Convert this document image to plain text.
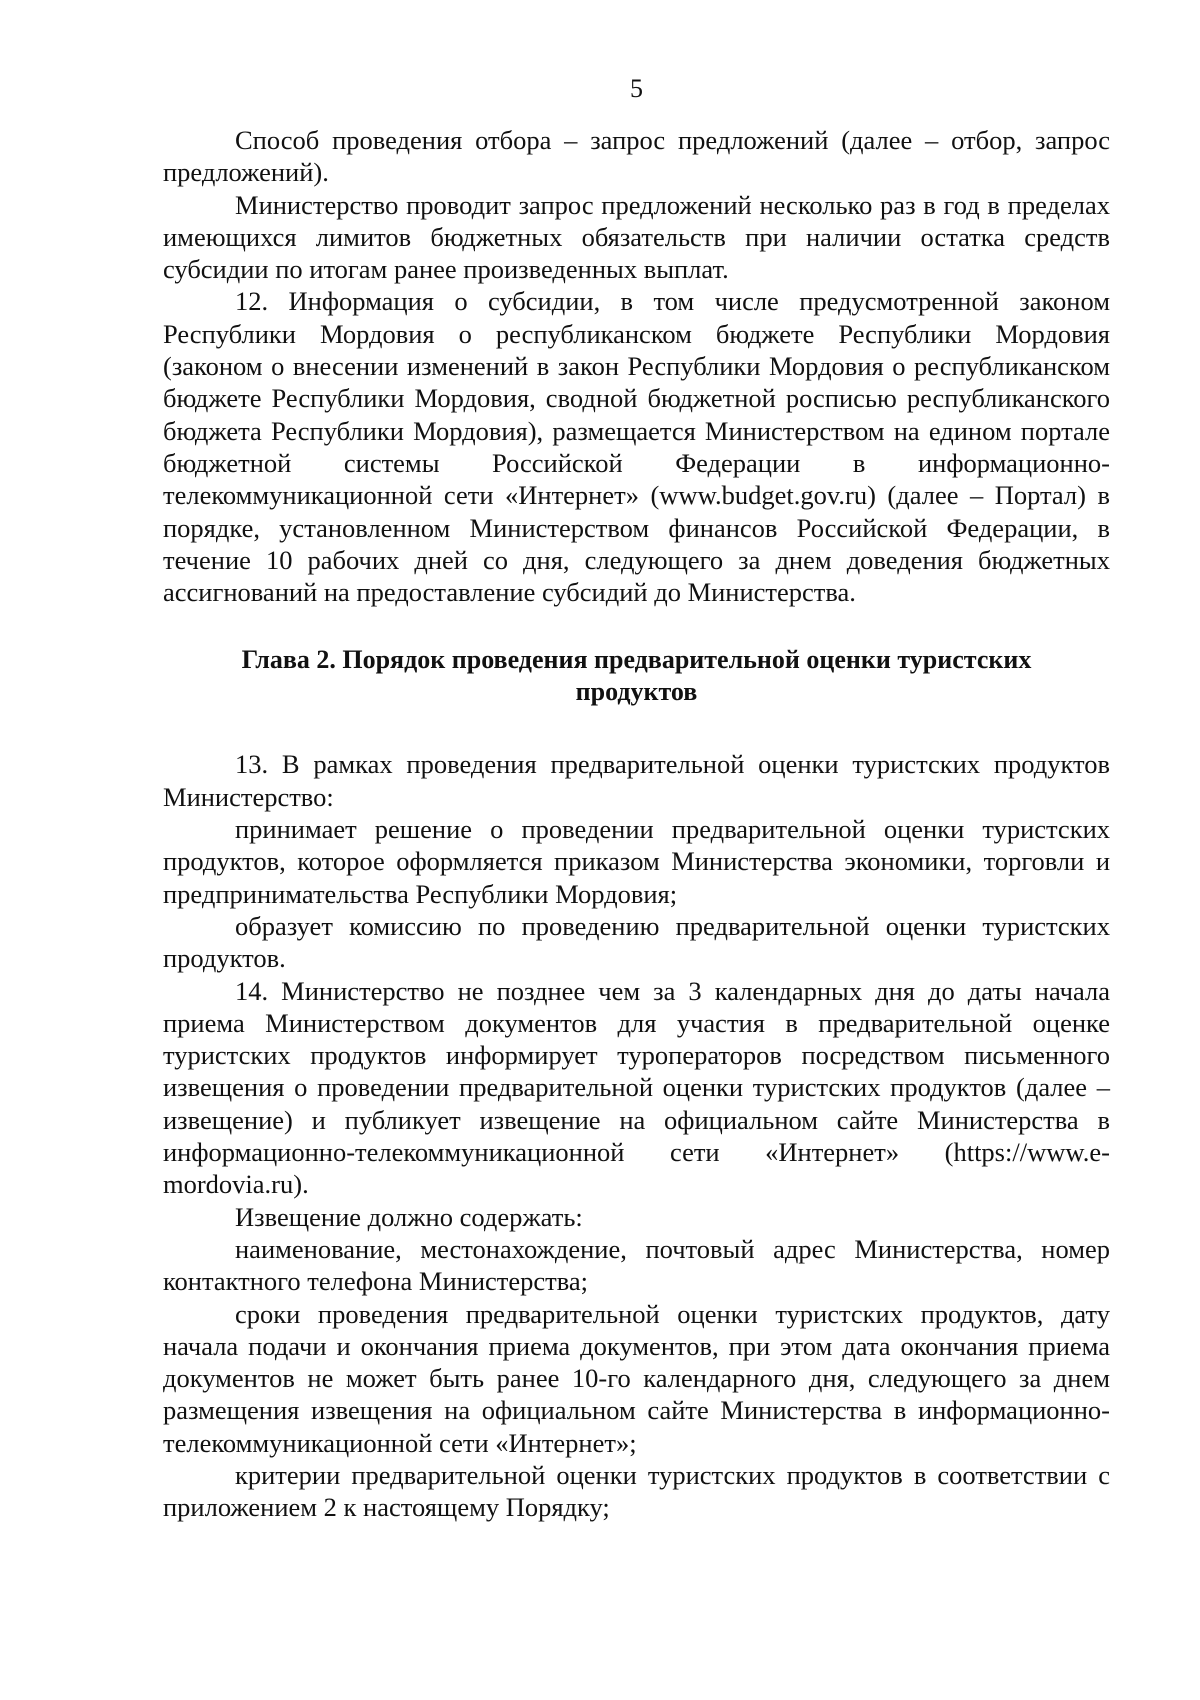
5

Способ проведения отбора – запрос предложений (далее – отбор, запрос предложений).

Министерство проводит запрос предложений несколько раз в год в пределах имеющихся лимитов бюджетных обязательств при наличии остатка средств субсидии по итогам ранее произведенных выплат.

12. Информация о субсидии, в том числе предусмотренной законом Республики Мордовия о республиканском бюджете Республики Мордовия (законом о внесении изменений в закон Республики Мордовия о республиканском бюджете Республики Мордовия, сводной бюджетной росписью республиканского бюджета Республики Мордовия), размещается Министерством на едином портале бюджетной системы Российской Федерации в информационно-телекоммуникационной сети «Интернет» (www.budget.gov.ru) (далее – Портал) в порядке, установленном Министерством финансов Российской Федерации, в течение 10 рабочих дней со дня, следующего за днем доведения бюджетных ассигнований на предоставление субсидий до Министерства.

Глава 2. Порядок проведения предварительной оценки туристских продуктов

13. В рамках проведения предварительной оценки туристских продуктов Министерство:

принимает решение о проведении предварительной оценки туристских продуктов, которое оформляется приказом Министерства экономики, торговли и предпринимательства Республики Мордовия;

образует комиссию по проведению предварительной оценки туристских продуктов.

14. Министерство не позднее чем за 3 календарных дня до даты начала приема Министерством документов для участия в предварительной оценке туристских продуктов информирует туроператоров посредством письменного извещения о проведении предварительной оценки туристских продуктов (далее – извещение) и публикует извещение на официальном сайте Министерства в информационно-телекоммуникационной сети «Интернет» (https://www.e-mordovia.ru).

Извещение должно содержать:

наименование, местонахождение, почтовый адрес Министерства, номер контактного телефона Министерства;

сроки проведения предварительной оценки туристских продуктов, дату начала подачи и окончания приема документов, при этом дата окончания приема документов не может быть ранее 10-го календарного дня, следующего за днем размещения извещения на официальном сайте Министерства в информационно-телекоммуникационной сети «Интернет»;

критерии предварительной оценки туристских продуктов в соответствии с приложением 2 к настоящему Порядку;
